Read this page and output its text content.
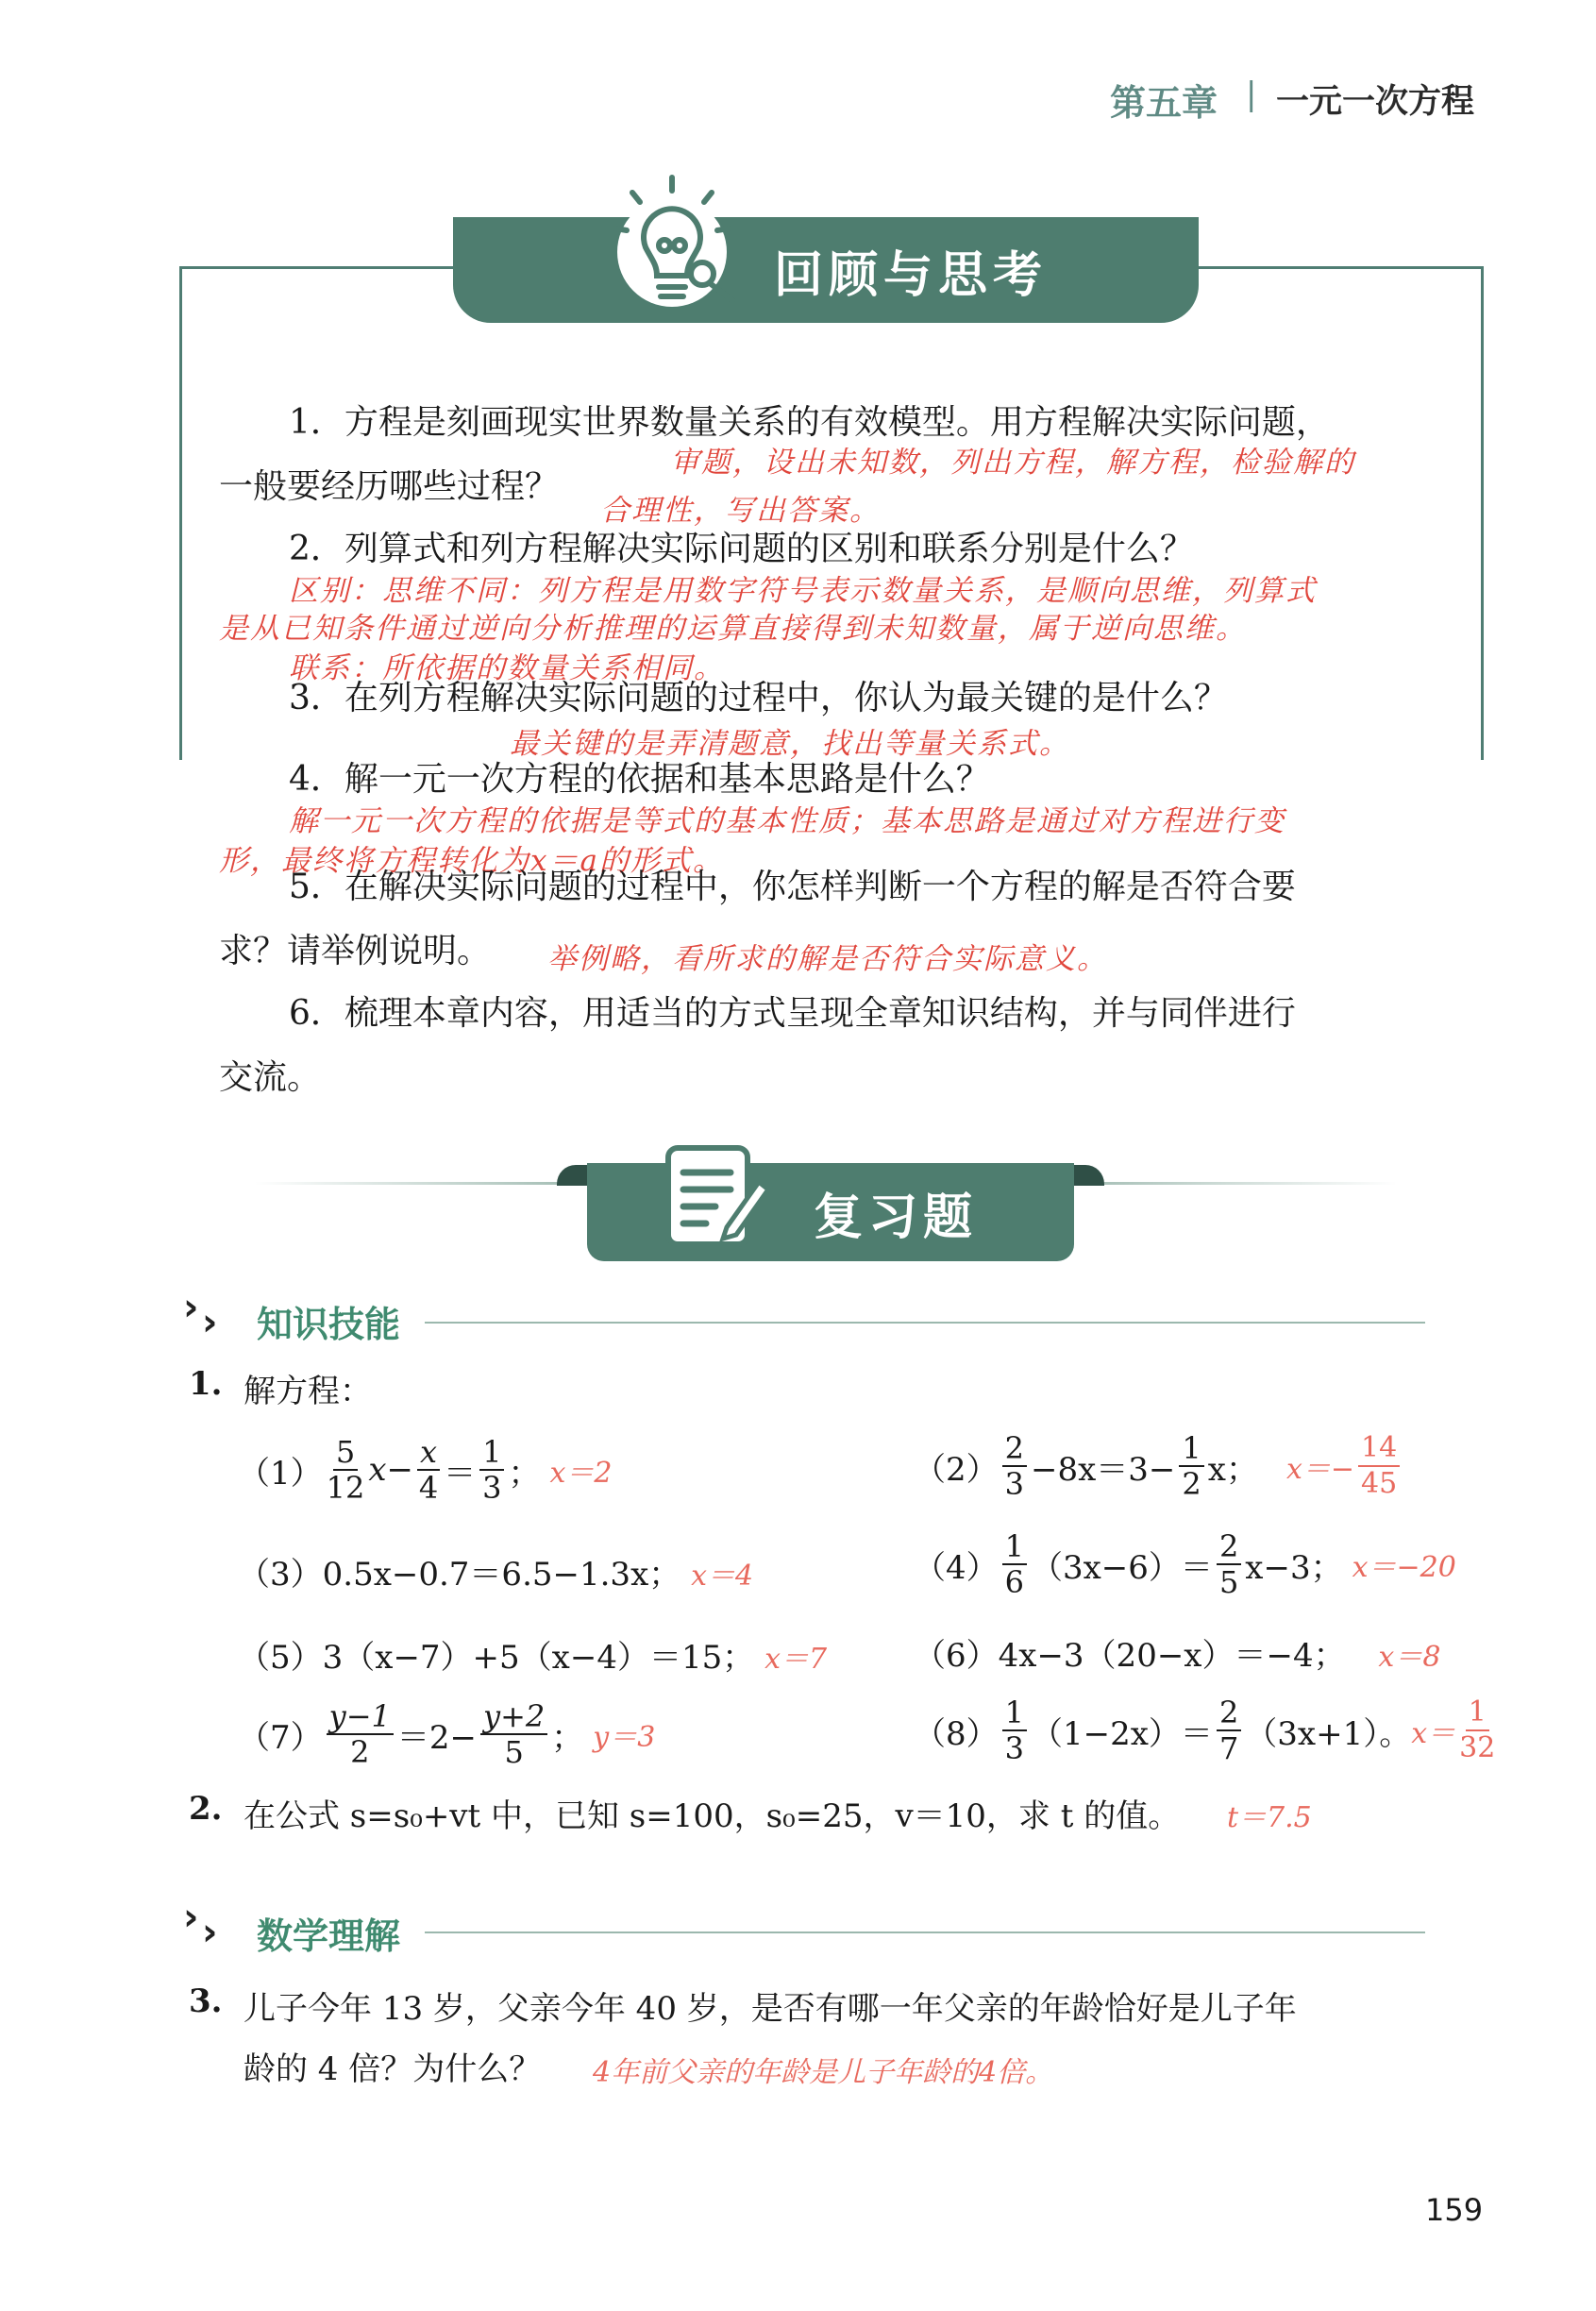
第五章 | 一元一次方程
回顾与思考
1．方程是刻画现实世界数量关系的有效模型。用方程解决实际问题，
审题，设出未知数，列出方程，解方程，检验解的
一般要经历哪些过程？
合理性，写出答案。
2．列算式和列方程解决实际问题的区别和联系分别是什么？
区别：思维不同：列方程是用数字符号表示数量关系，是顺向思维，列算式
是从已知条件通过逆向分析推理的运算直接得到未知数量，属于逆向思维。
联系：所依据的数量关系相同。
3．在列方程解决实际问题的过程中，你认为最关键的是什么？
最关键的是弄清题意，找出等量关系式。
4．解一元一次方程的依据和基本思路是什么？
解一元一次方程的依据是等式的基本性质；基本思路是通过对方程进行变
形，最终将方程转化为x＝a的形式。
5．在解决实际问题的过程中，你怎样判断一个方程的解是否符合要
求？请举例说明。 举例略，看所求的解是否符合实际意义。
6．梳理本章内容，用适当的方式呈现全章知识结构，并与同伴进行
交流。
复习题
› › 知识技能
1. 解方程：
$(1) \frac{5}{12} x- \frac{x}{4} = \frac{1}{3}$ ； x＝2	$(2) \frac{2}{3} -8x=3- \frac{1}{2}$ x； $x=- \frac{14}{45}$
（3）0.5x−0.7＝6.5−1.3x； x＝4	$(4) \frac{1}{6} (3x-6)= \frac{2}{5} x-3$； x＝−20
（5）3（x−7）+5（x−4）＝15； x＝7	（6）4x−3（20−x）＝−4； x＝8
$(7) \frac{y-1}{2} =2- \frac{y+2}{5}$ ； y＝3	$(8) \frac{1}{3} (1-2x)= \frac{2}{7} (3x+1)$。 $x= \frac{1}{32}$
2. 在公式 s=s₀+vt 中，已知 s=100，s₀=25，v＝10，求 t 的值。 t＝7.5
› › 数学理解
3. 儿子今年 13 岁，父亲今年 40 岁，是否有哪一年父亲的年龄恰好是儿子年
龄的 4 倍？为什么？ 4年前父亲的年龄是儿子年龄的4倍。
159
